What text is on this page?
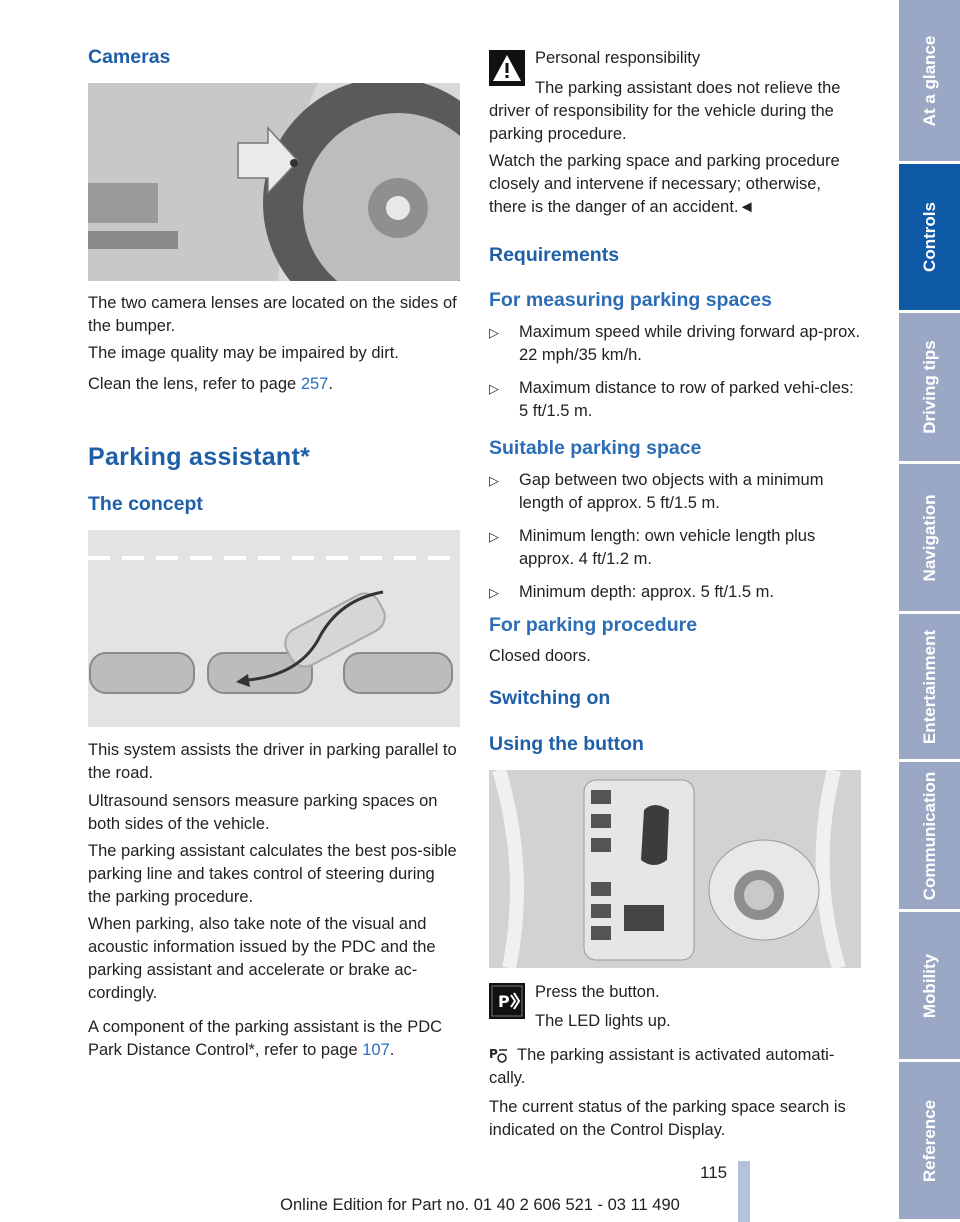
Cameras

The two camera lenses are located on the sides of the bumper.

The image quality may be impaired by dirt.

Clean the lens, refer to page 257.

Parking assistant*
The concept

This system assists the driver in parking parallel to the road.

Ultrasound sensors measure parking spaces on both sides of the vehicle.

The parking assistant calculates the best pos-sible parking line and takes control of steering during the parking procedure.

When parking, also take note of the visual and acoustic information issued by the PDC and the parking assistant and accelerate or brake ac-cordingly.

A component of the parking assistant is the PDC Park Distance Control*, refer to page 107.

Personal responsibility

The parking assistant does not relieve the driver of responsibility for the vehicle during the parking procedure.

Watch the parking space and parking procedure closely and intervene if necessary; otherwise, there is the danger of an accident.◄

Requirements
For measuring parking spaces
▷ Maximum speed while driving forward ap-prox. 22 mph/35 km/h.
▷ Maximum distance to row of parked vehi-cles: 5 ft/1.5 m.
Suitable parking space
▷ Gap between two objects with a minimum length of approx. 5 ft/1.5 m.
▷ Minimum length: own vehicle length plus approx. 4 ft/1.2 m.
▷ Minimum depth: approx. 5 ft/1.5 m.
For parking procedure

Closed doors.

Switching on
Using the button
P Press the button.

The LED lights up.

P	The parking assistant is activated automati-cally.

The current status of the parking space search is indicated on the Control Display.

At a glance
Controls
Driving tips
Navigation
Entertainment
Communication
Mobility
Reference
115
Online Edition for Part no. 01 40 2 606 521 - 03 11 490
